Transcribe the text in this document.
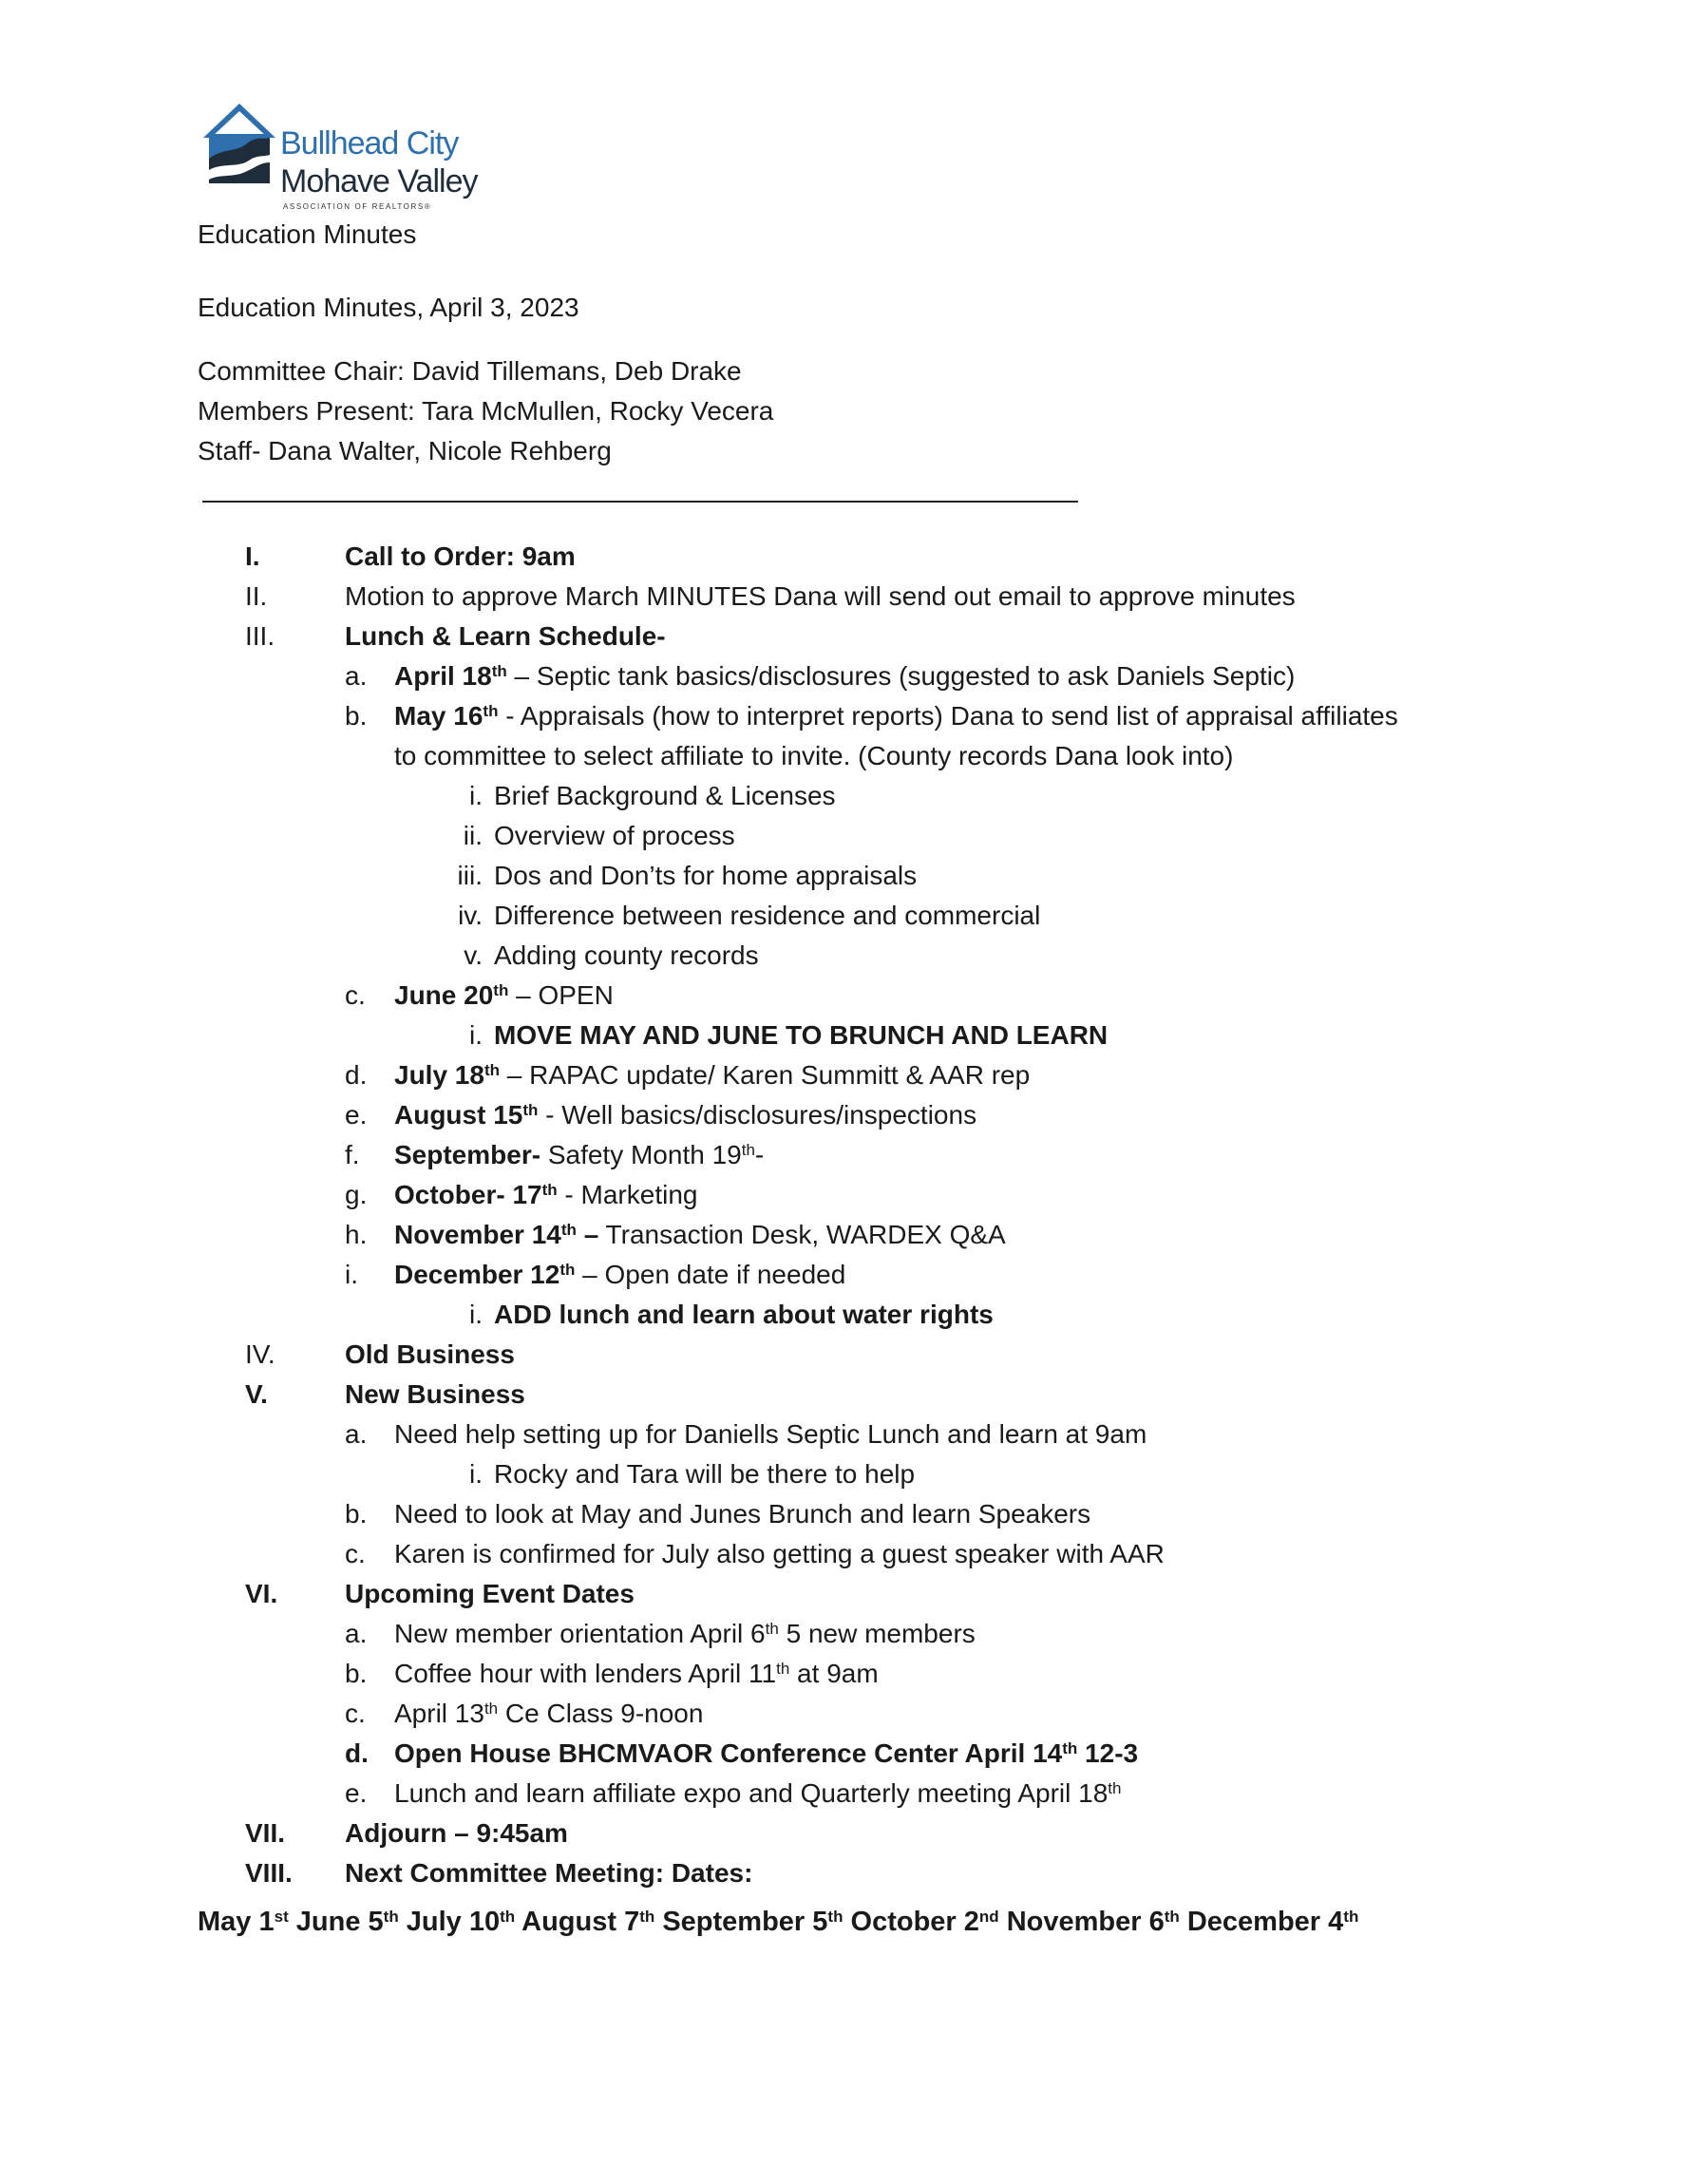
Bullhead City
Mohave Valley
ASSOCIATION OF REALTORS®
Education Minutes
Education Minutes, April 3, 2023
Committee Chair: David Tillemans, Deb Drake
Members Present: Tara McMullen, Rocky Vecera
Staff- Dana Walter, Nicole Rehberg
I.	Call to Order: 9am
II.	Motion to approve March MINUTES Dana will send out email to approve minutes
III.	Lunch & Learn Schedule-
a. April 18th – Septic tank basics/disclosures (suggested to ask Daniels Septic)
b. May 16th - Appraisals (how to interpret reports) Dana to send list of appraisal affiliates
to committee to select affiliate to invite. (County records Dana look into)
i. Brief Background & Licenses
ii. Overview of process
iii. Dos and Don’ts for home appraisals
iv. Difference between residence and commercial
v. Adding county records
c. June 20th – OPEN
i. MOVE MAY AND JUNE TO BRUNCH AND LEARN
d. July 18th – RAPAC update/ Karen Summitt & AAR rep
e. August 15th - Well basics/disclosures/inspections
f. September- Safety Month 19th-
g. October- 17th - Marketing
h. November 14th – Transaction Desk, WARDEX Q&A
i. December 12th – Open date if needed
i. ADD lunch and learn about water rights
IV.	Old Business
V.	New Business
a. Need help setting up for Daniells Septic Lunch and learn at 9am
i. Rocky and Tara will be there to help
b. Need to look at May and Junes Brunch and learn Speakers
c. Karen is confirmed for July also getting a guest speaker with AAR
VI.	Upcoming Event Dates
a. New member orientation April 6th 5 new members
b. Coffee hour with lenders April 11th at 9am
c. April 13th Ce Class 9-noon
d. Open House BHCMVAOR Conference Center April 14th 12-3
e. Lunch and learn affiliate expo and Quarterly meeting April 18th
VII. Adjourn – 9:45am
VIII. Next Committee Meeting: Dates:
May 1st June 5th July 10th August 7th September 5th October 2nd November 6th December 4th
